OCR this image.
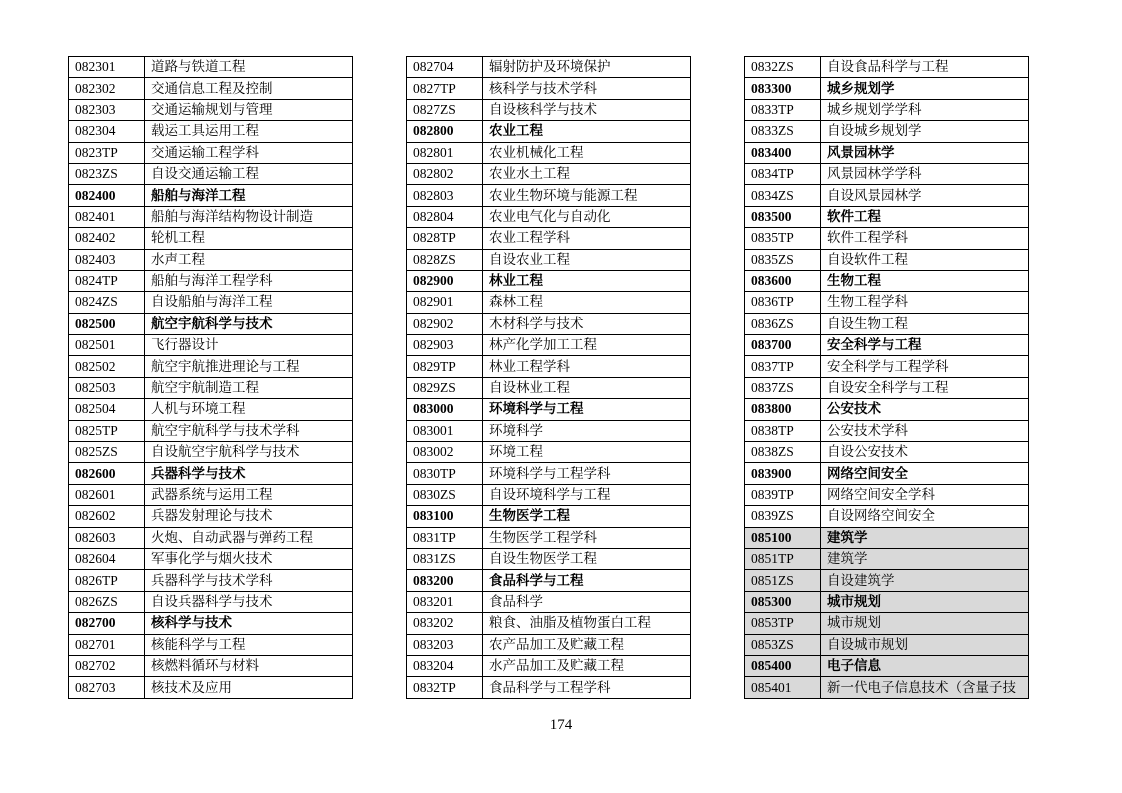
082301	道路与铁道工程
082302	交通信息工程及控制
082303	交通运输规划与管理
082304	载运工具运用工程
0823TP	交通运输工程学科
0823ZS	自设交通运输工程
082400	船舶与海洋工程
082401	船舶与海洋结构物设计制造
082402	轮机工程
082403	水声工程
0824TP	船舶与海洋工程学科
0824ZS	自设船舶与海洋工程
082500	航空宇航科学与技术
082501	飞行器设计
082502	航空宇航推进理论与工程
082503	航空宇航制造工程
082504	人机与环境工程
0825TP	航空宇航科学与技术学科
0825ZS	自设航空宇航科学与技术
082600	兵器科学与技术
082601	武器系统与运用工程
082602	兵器发射理论与技术
082603	火炮、自动武器与弹药工程
082604	军事化学与烟火技术
0826TP	兵器科学与技术学科
0826ZS	自设兵器科学与技术
082700	核科学与技术
082701	核能科学与工程
082702	核燃料循环与材料
082703	核技术及应用
082704	辐射防护及环境保护
0827TP	核科学与技术学科
0827ZS	自设核科学与技术
082800	农业工程
082801	农业机械化工程
082802	农业水土工程
082803	农业生物环境与能源工程
082804	农业电气化与自动化
0828TP	农业工程学科
0828ZS	自设农业工程
082900	林业工程
082901	森林工程
082902	木材科学与技术
082903	林产化学加工工程
0829TP	林业工程学科
0829ZS	自设林业工程
083000	环境科学与工程
083001	环境科学
083002	环境工程
0830TP	环境科学与工程学科
0830ZS	自设环境科学与工程
083100	生物医学工程
0831TP	生物医学工程学科
0831ZS	自设生物医学工程
083200	食品科学与工程
083201	食品科学
083202	粮食、油脂及植物蛋白工程
083203	农产品加工及贮藏工程
083204	水产品加工及贮藏工程
0832TP	食品科学与工程学科
0832ZS	自设食品科学与工程
083300	城乡规划学
0833TP	城乡规划学学科
0833ZS	自设城乡规划学
083400	风景园林学
0834TP	风景园林学学科
0834ZS	自设风景园林学
083500	软件工程
0835TP	软件工程学科
0835ZS	自设软件工程
083600	生物工程
0836TP	生物工程学科
0836ZS	自设生物工程
083700	安全科学与工程
0837TP	安全科学与工程学科
0837ZS	自设安全科学与工程
083800	公安技术
0838TP	公安技术学科
0838ZS	自设公安技术
083900	网络空间安全
0839TP	网络空间安全学科
0839ZS	自设网络空间安全
085100	建筑学
0851TP	建筑学
0851ZS	自设建筑学
085300	城市规划
0853TP	城市规划
0853ZS	自设城市规划
085400	电子信息
085401	新一代电子信息技术（含量子技
174
